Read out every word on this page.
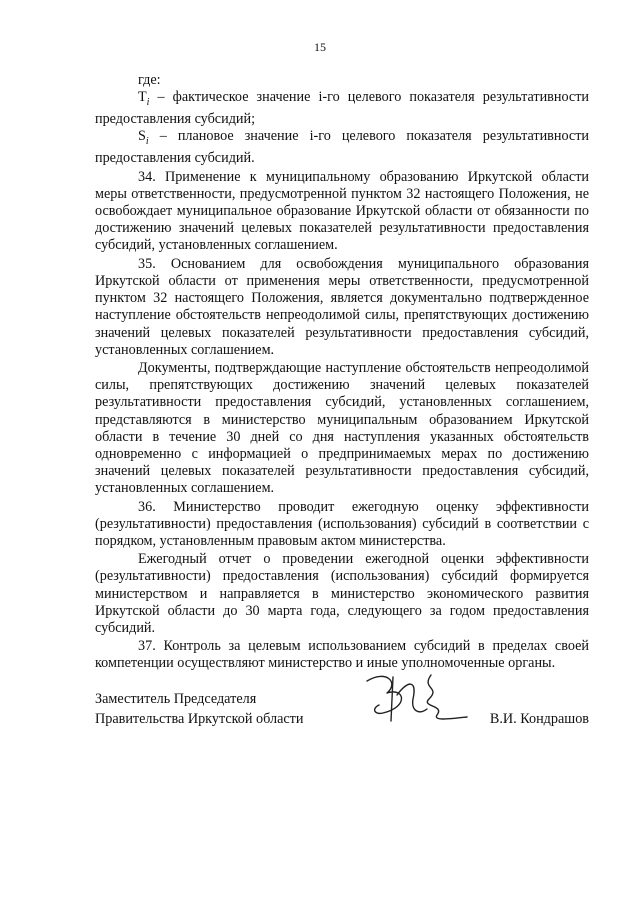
15

где:

$T_i$ – фактическое значение i-го целевого показателя результативности предоставления субсидий;

$S_i$ – плановое значение i-го целевого показателя результативности предоставления субсидий.

34. Применение к муниципальному образованию Иркутской области меры ответственности, предусмотренной пунктом 32 настоящего Положения, не освобождает муниципальное образование Иркутской области от обязанности по достижению значений целевых показателей результативности предоставления субсидий, установленных соглашением.

35. Основанием для освобождения муниципального образования Иркутской области от применения меры ответственности, предусмотренной пунктом 32 настоящего Положения, является документально подтвержденное наступление обстоятельств непреодолимой силы, препятствующих достижению значений целевых показателей результативности предоставления субсидий, установленных соглашением.

Документы, подтверждающие наступление обстоятельств непреодолимой силы, препятствующих достижению значений целевых показателей результативности предоставления субсидий, установленных соглашением, представляются в министерство муниципальным образованием Иркутской области в течение 30 дней со дня наступления указанных обстоятельств одновременно с информацией о предпринимаемых мерах по достижению значений целевых показателей результативности предоставления субсидий, установленных соглашением.

36. Министерство проводит ежегодную оценку эффективности (результативности) предоставления (использования) субсидий в соответствии с порядком, установленным правовым актом министерства.

Ежегодный отчет о проведении ежегодной оценки эффективности (результативности) предоставления (использования) субсидий формируется министерством и направляется в министерство экономического развития Иркутской области до 30 марта года, следующего за годом предоставления субсидий.

37. Контроль за целевым использованием субсидий в пределах своей компетенции осуществляют министерство и иные уполномоченные органы.

Заместитель Председателя
Правительства Иркутской области	В.И. Кондрашов
